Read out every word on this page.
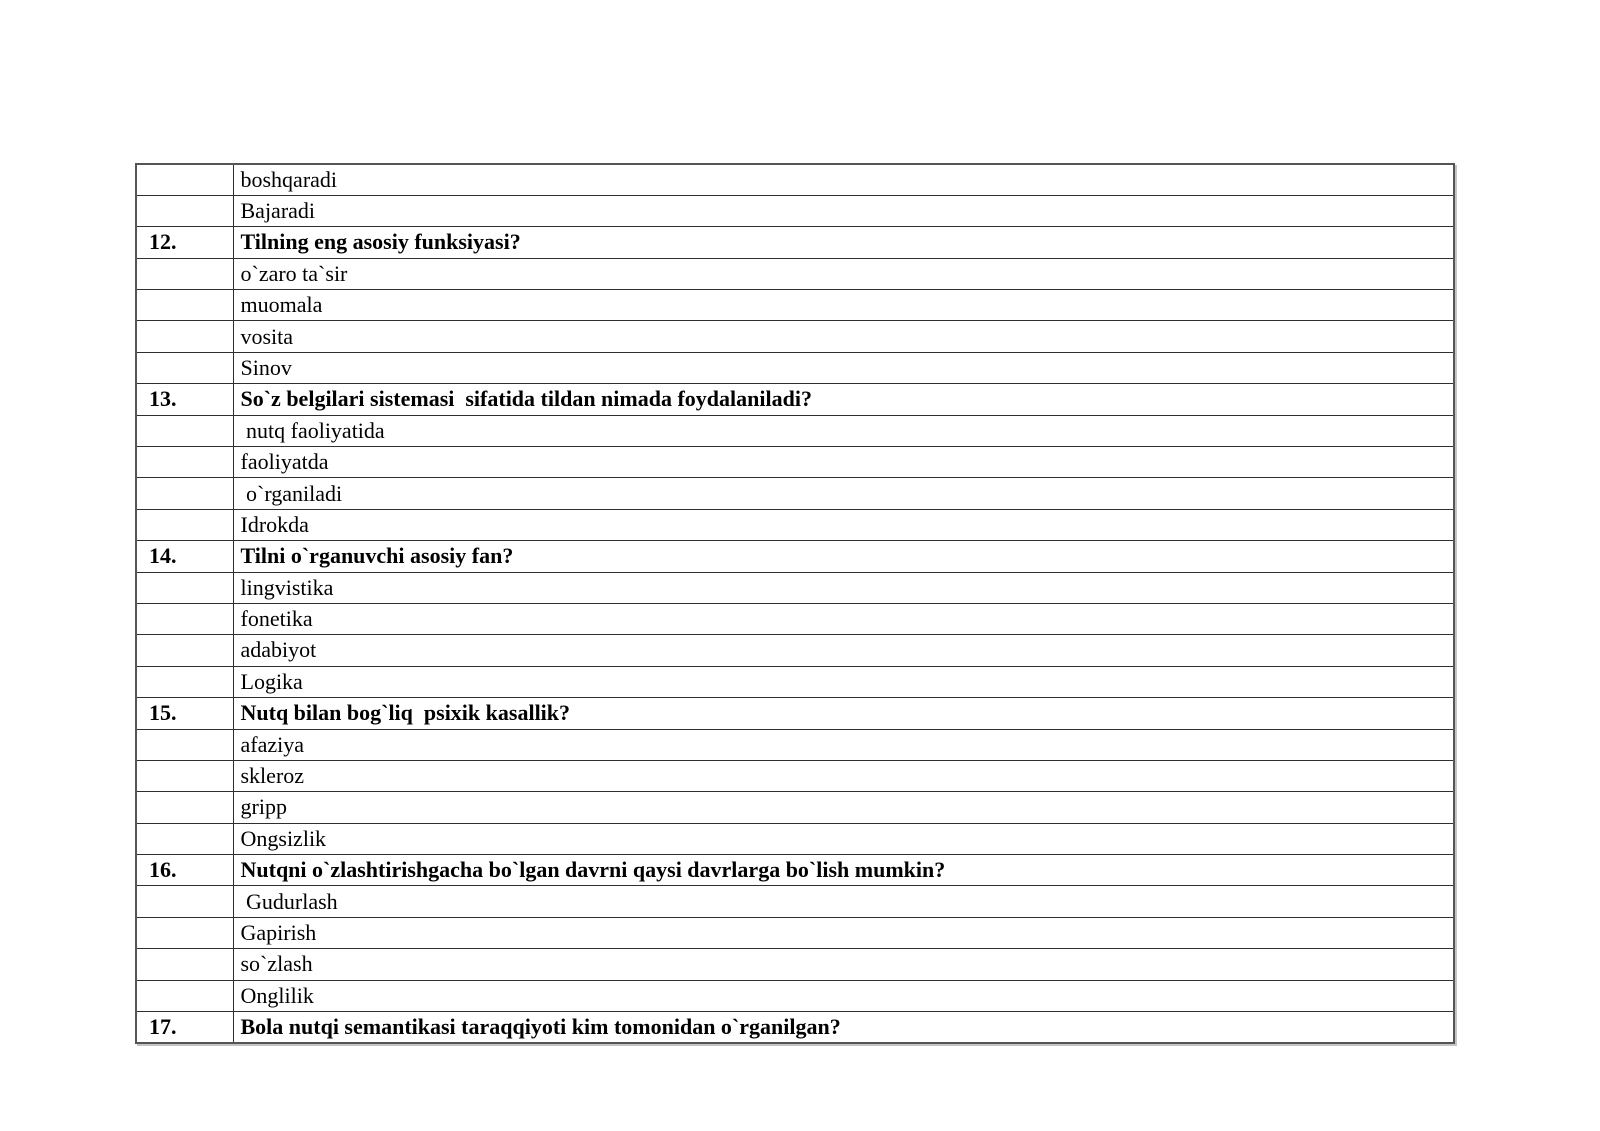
	boshqaradi
	Bajaradi
12.	Tilning eng asosiy funksiyasi?
	o`zaro ta`sir
	muomala
	vosita
	Sinov
13.	So`z belgilari sistemasi  sifatida tildan nimada foydalaniladi?
	nutq faoliyatida
	faoliyatda
	o`rganiladi
	Idrokda
14.	Tilni o`rganuvchi asosiy fan?
	lingvistika
	fonetika
	adabiyot
	Logika
15.	Nutq bilan bog`liq  psixik kasallik?
	afaziya
	skleroz
	gripp
	Ongsizlik
16.	Nutqni o`zlashtirishgacha bo`lgan davrni qaysi davrlarga bo`lish mumkin?
	Gudurlash
	Gapirish
	so`zlash
	Onglilik
17.	Bola nutqi semantikasi taraqqiyoti kim tomonidan o`rganilgan?
